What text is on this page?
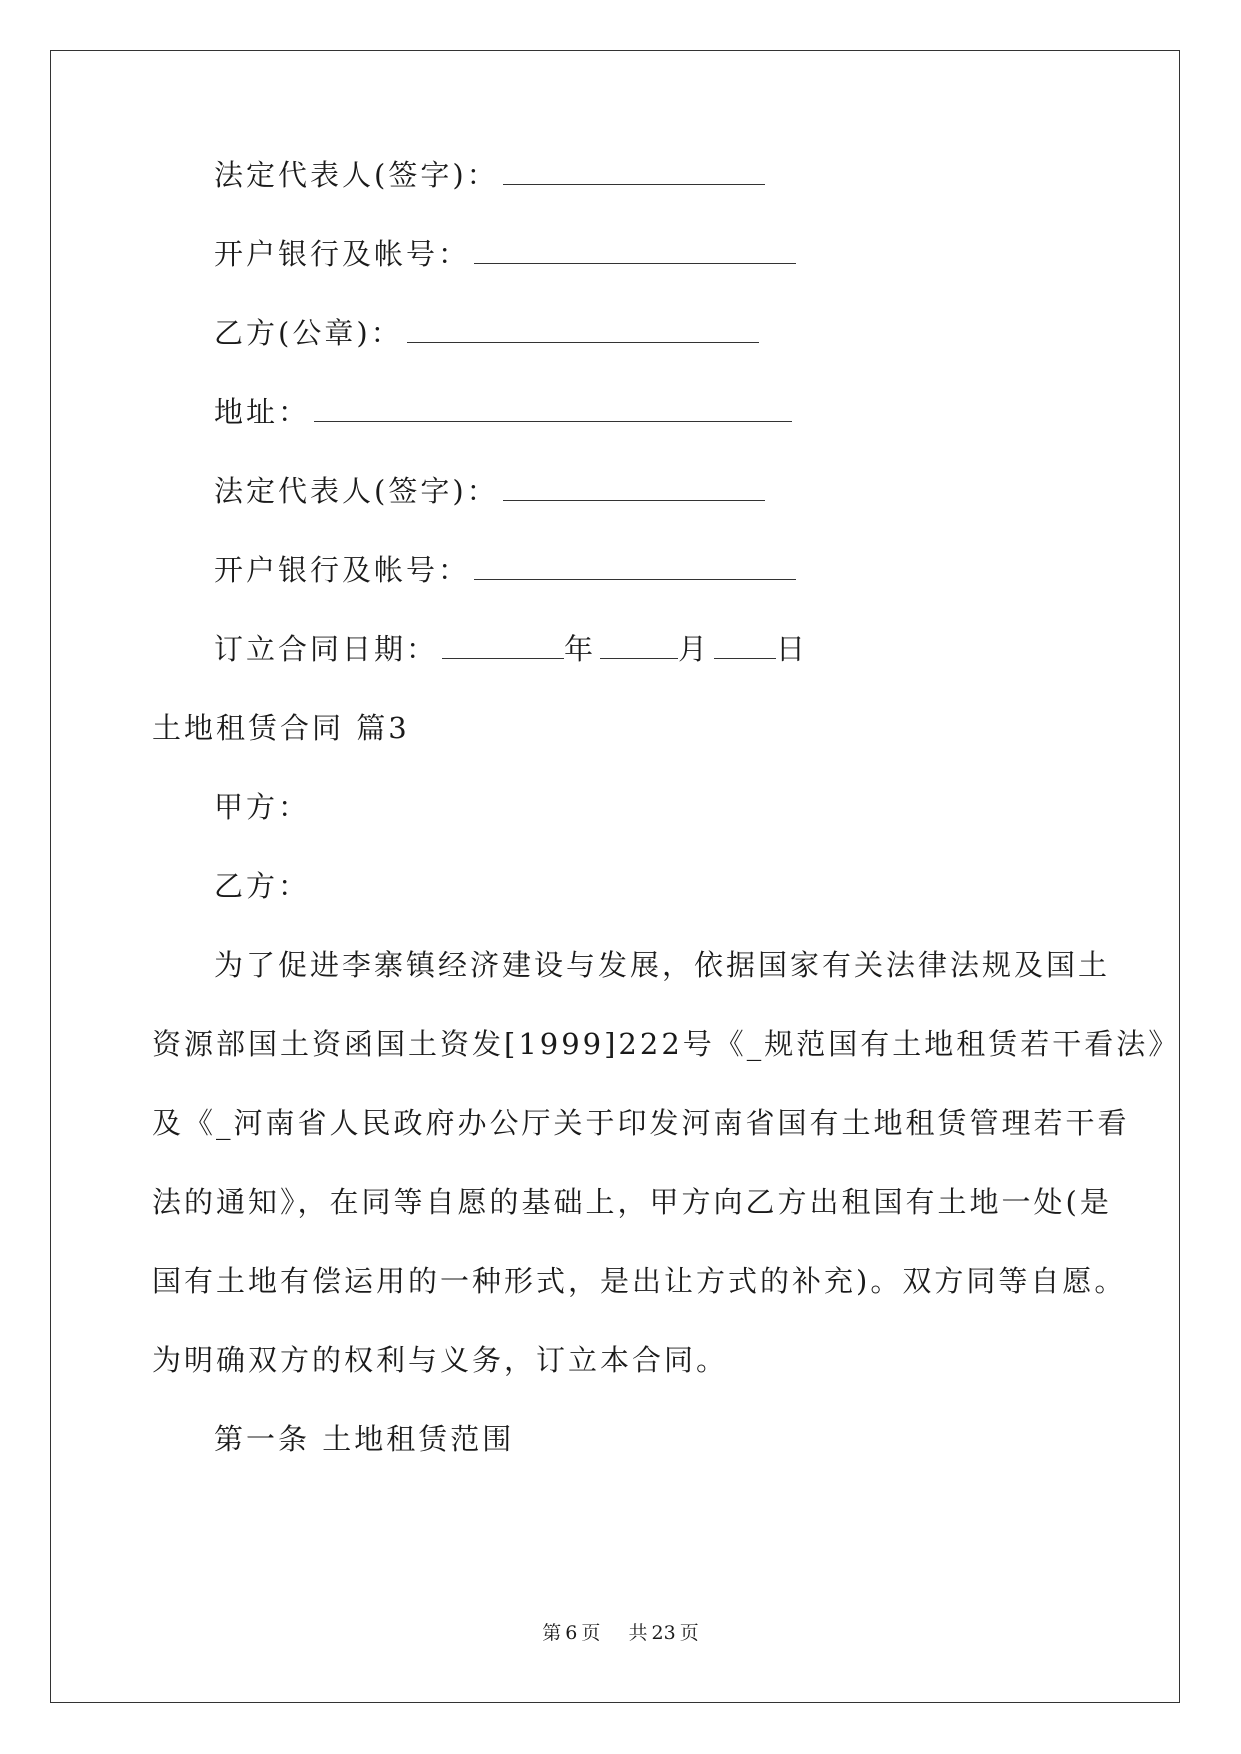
法定代表人(签字)：
开户银行及帐号：
乙方(公章)：
地址：
法定代表人(签字)：
开户银行及帐号：
订立合同日期：	年	月 日
土地租赁合同 篇3
甲方：
乙方：
为了促进李寨镇经济建设与发展，依据国家有关法律法规及国土
资源部国土资函国土资发[1999]222号《_规范国有土地租赁若干看法》
及《_河南省人民政府办公厅关于印发河南省国有土地租赁管理若干看
法的通知》，在同等自愿的基础上，甲方向乙方出租国有土地一处(是
国有土地有偿运用的一种形式，是出让方式的补充)。双方同等自愿。
为明确双方的权利与义务，订立本合同。
第一条 土地租赁范围
第 6 页 共 23 页
